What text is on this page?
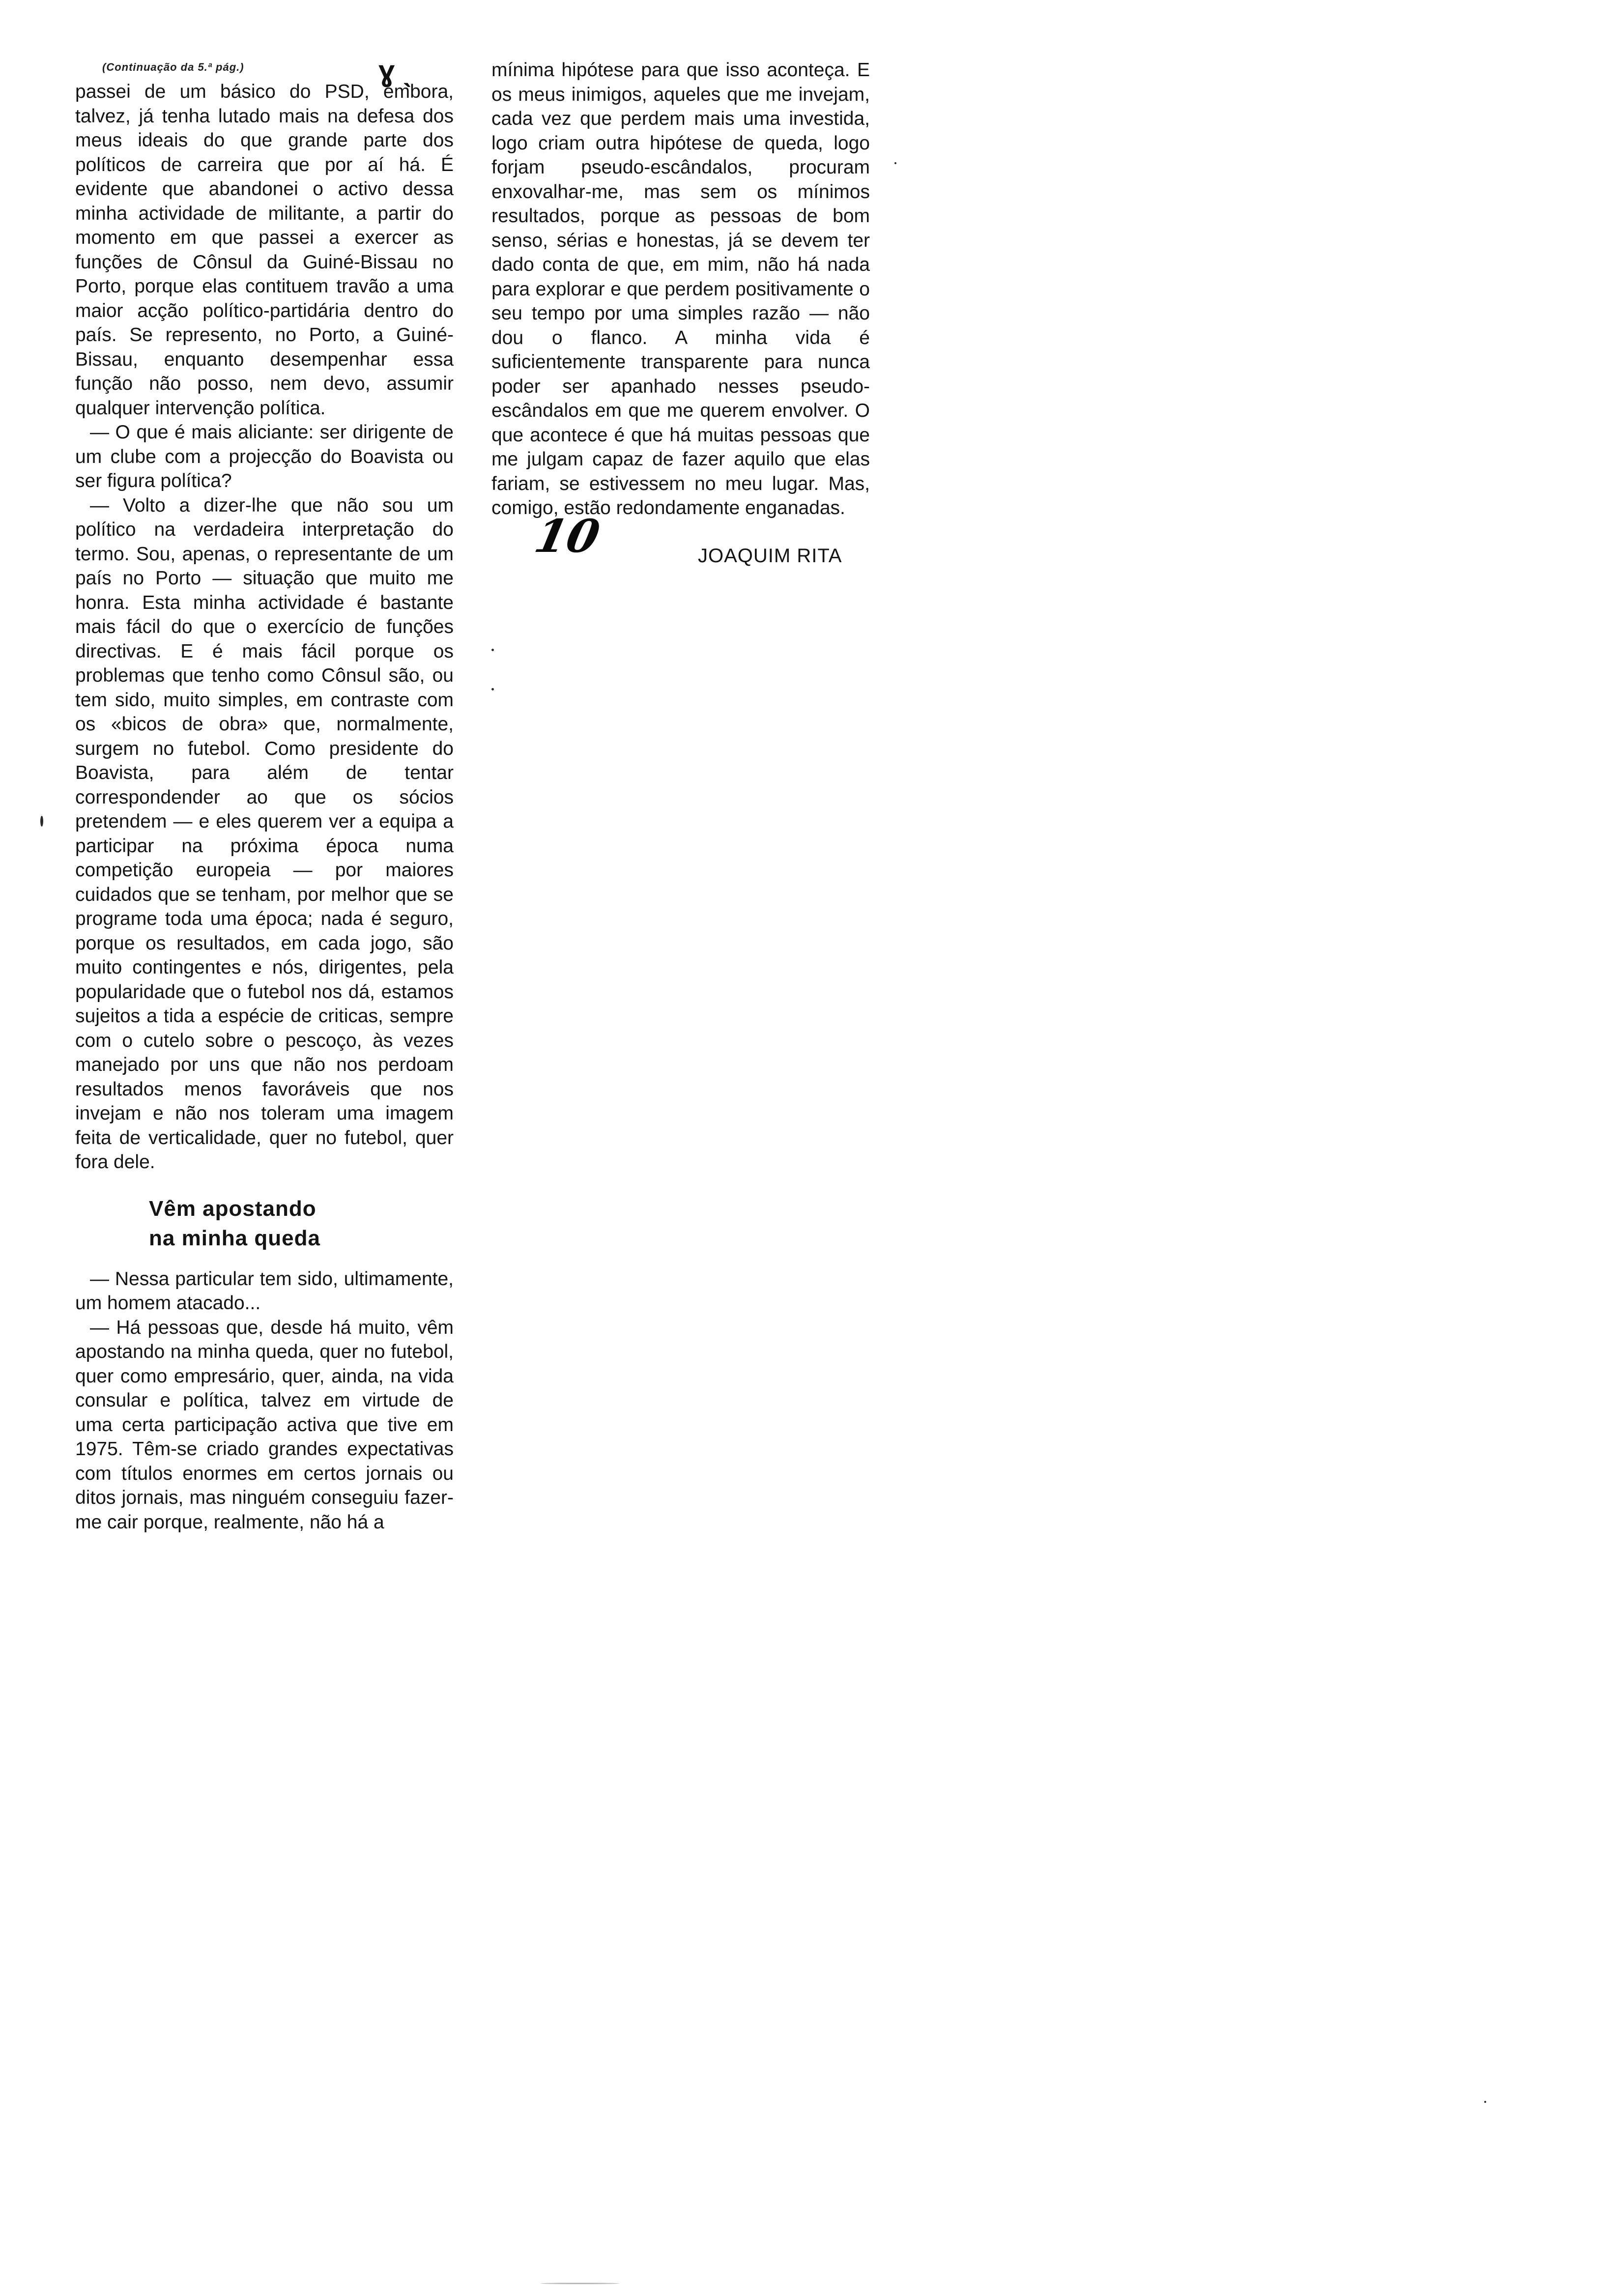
(Continuação da 5.ª pág.)	ɣ ˎ

passei de um básico do PSD, embora, talvez, já tenha lutado mais na defesa dos meus ideais do que grande parte dos políticos de carreira que por aí há. É evidente que abandonei o activo dessa minha actividade de militante, a partir do momento em que passei a exercer as funções de Cônsul da Guiné-Bissau no Porto, porque elas contituem travão a uma maior acção político-partidária dentro do país. Se represento, no Porto, a Guiné-Bissau, enquanto desempenhar essa função não posso, nem devo, assumir qualquer intervenção política.

— O que é mais aliciante: ser dirigente de um clube com a projecção do Boavista ou ser figura política?

— Volto a dizer-lhe que não sou um político na verdadeira interpretação do termo. Sou, apenas, o representante de um país no Porto — situação que muito me honra. Esta minha actividade é bastante mais fácil do que o exercício de funções directivas. E é mais fácil porque os problemas que tenho como Cônsul são, ou tem sido, muito simples, em contraste com os «bicos de obra» que, normalmente, surgem no futebol. Como presidente do Boavista, para além de tentar correspondender ao que os sócios pretendem — e eles querem ver a equipa a participar na próxima época numa competição europeia — por maiores cuidados que se tenham, por melhor que se programe toda uma época; nada é seguro, porque os resultados, em cada jogo, são muito contingentes e nós, dirigentes, pela popularidade que o futebol nos dá, estamos sujeitos a tida a espécie de criticas, sempre com o cutelo sobre o pescoço, às vezes manejado por uns que não nos perdoam resultados menos favoráveis que nos invejam e não nos toleram uma imagem feita de verticalidade, quer no futebol, quer fora dele.

Vêm apostando
na minha queda

— Nessa particular tem sido, ultimamente, um homem atacado...

— Há pessoas que, desde há muito, vêm apostando na minha queda, quer no futebol, quer como empresário, quer, ainda, na vida consular e política, talvez em virtude de uma certa participação activa que tive em 1975. Têm-se criado grandes expectativas com títulos enormes em certos jornais ou ditos jornais, mas ninguém conseguiu fazer-me cair porque, realmente, não há a

mínima hipótese para que isso aconteça. E os meus inimigos, aqueles que me invejam, cada vez que perdem mais uma investida, logo criam outra hipótese de queda, logo forjam pseudo-escândalos, procuram enxovalhar-me, mas sem os mínimos resultados, porque as pessoas de bom senso, sérias e honestas, já se devem ter dado conta de que, em mim, não há nada para explorar e que perdem positivamente o seu tempo por uma simples razão — não dou o flanco. A minha vida é suficientemente transparente para nunca poder ser apanhado nesses pseudo-escândalos em que me querem envolver. O que acontece é que há muitas pessoas que me julgam capaz de fazer aquilo que elas fariam, se estivessem no meu lugar. Mas, comigo, estão redondamente enganadas.

10	JOAQUIM RITA
